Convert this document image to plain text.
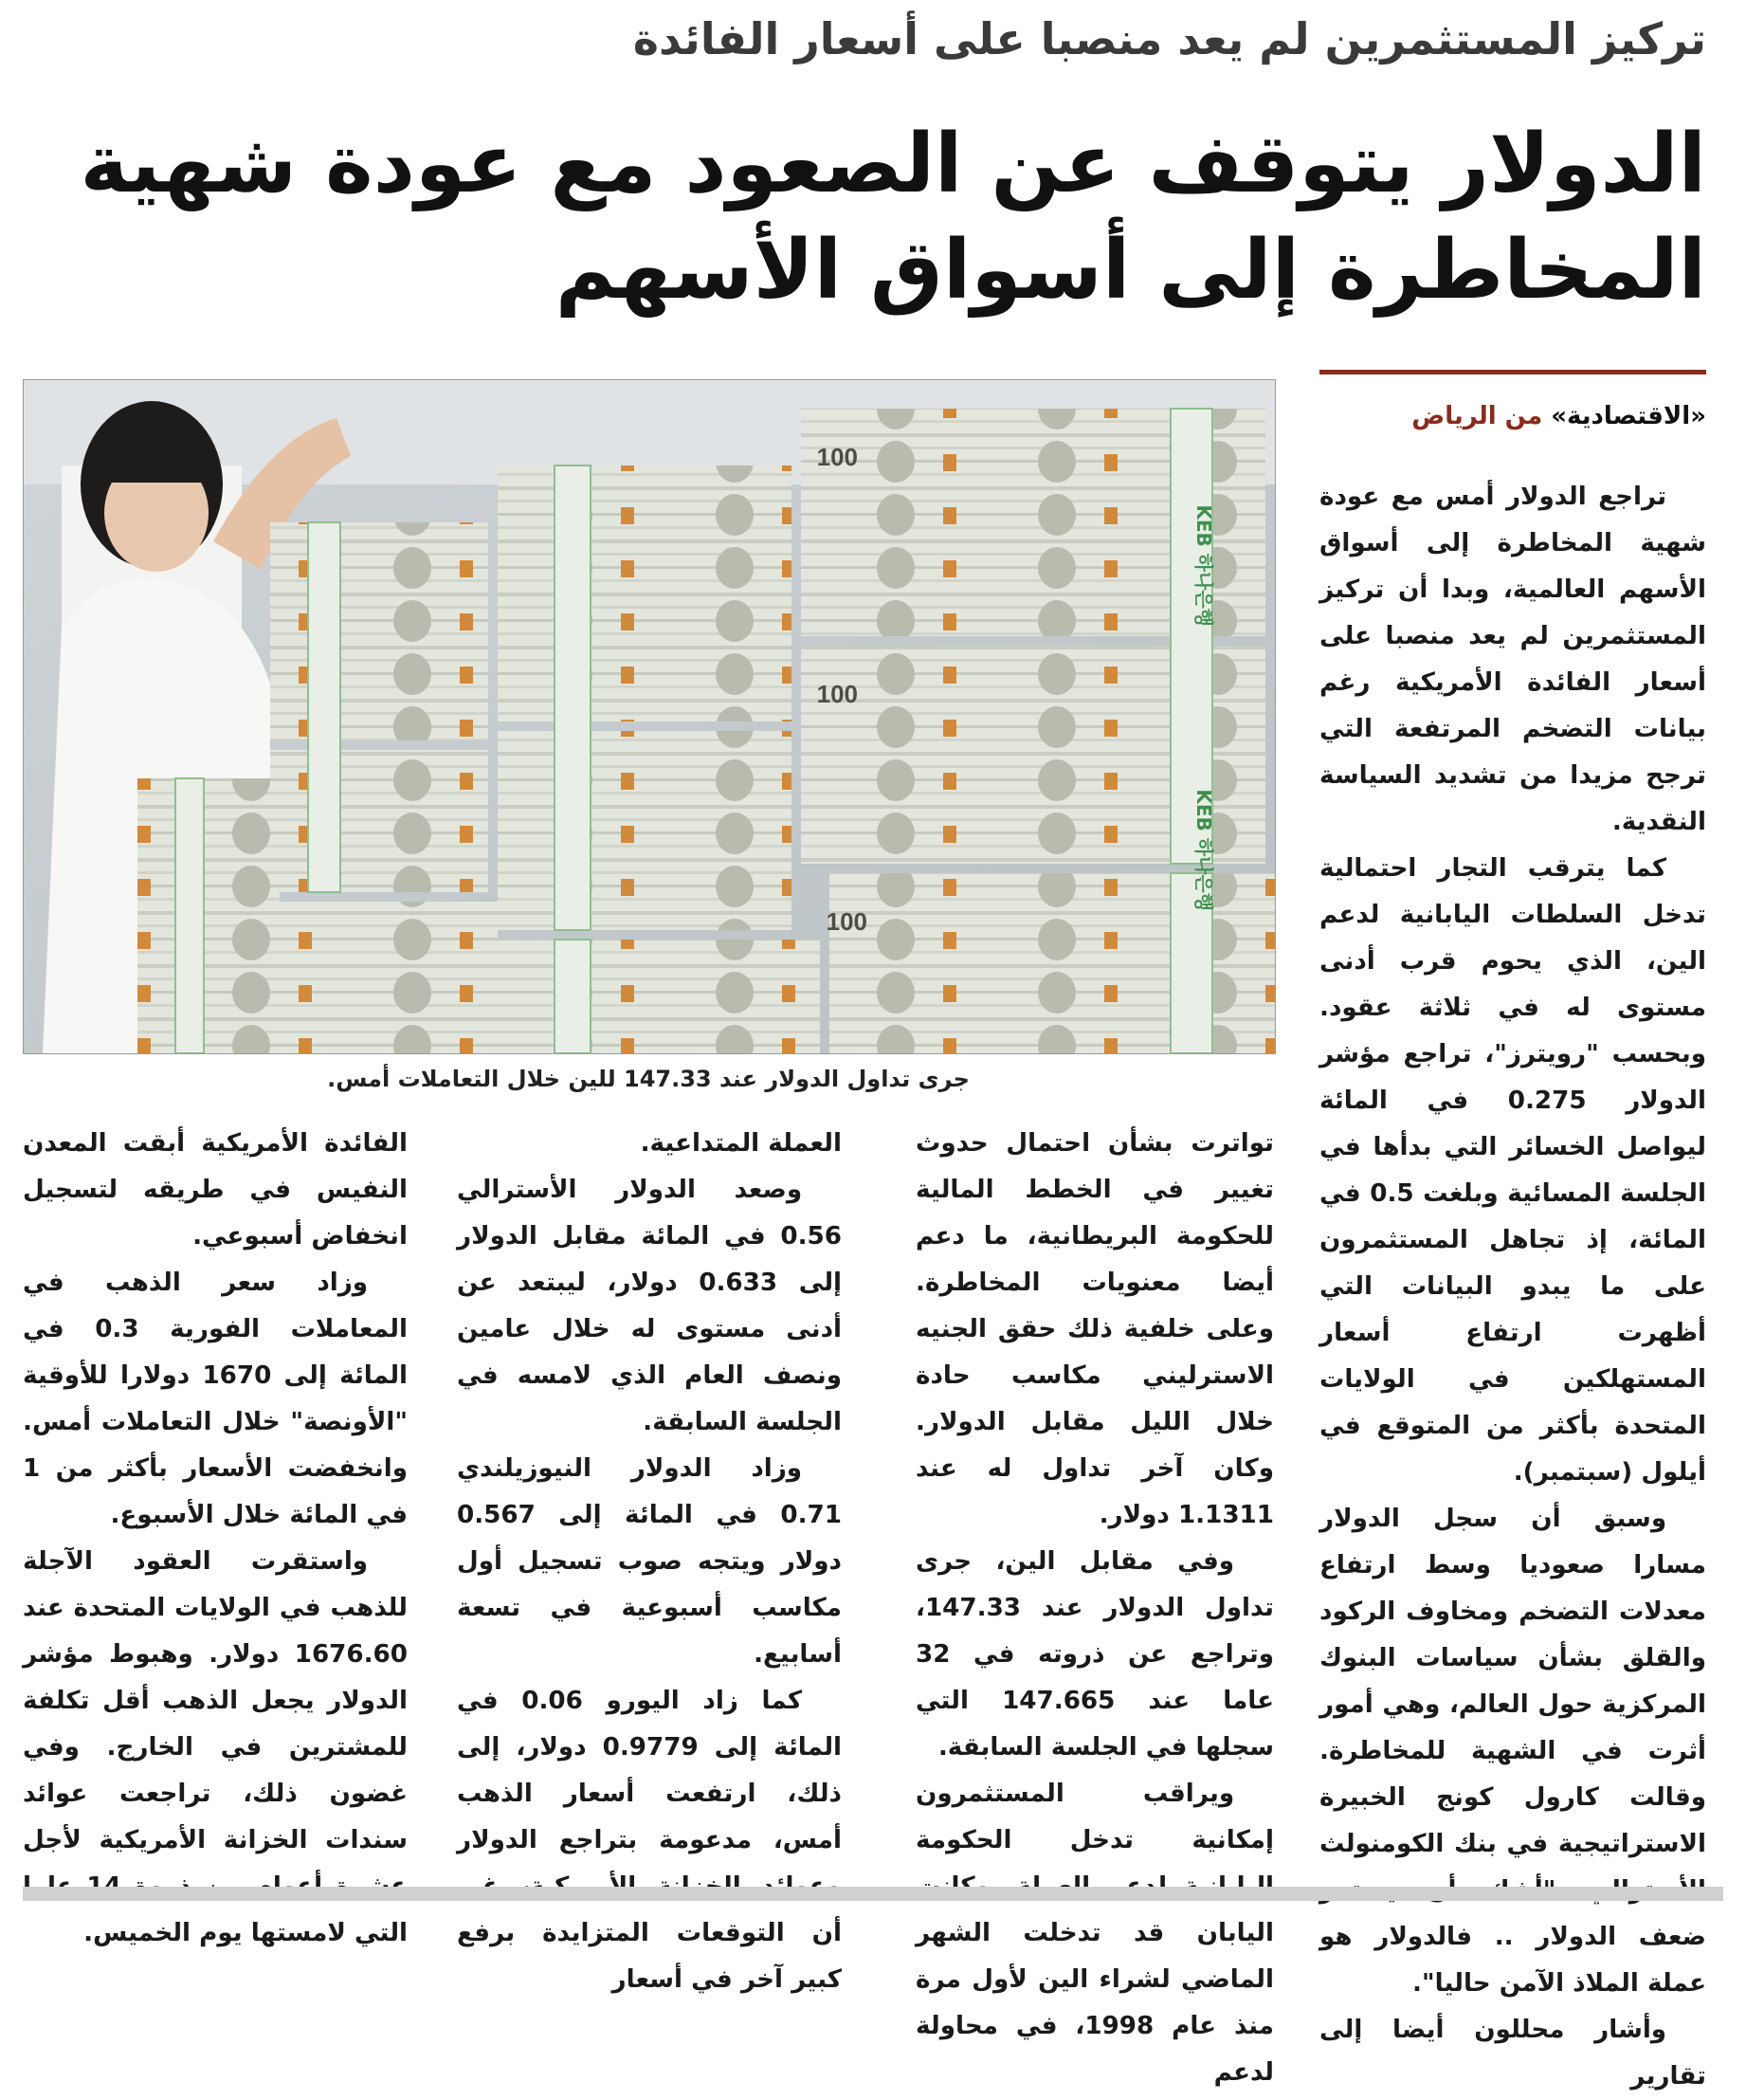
تركيز المستثمرين لم يعد منصبا على أسعار الفائدة
الدولار يتوقف عن الصعود مع عودة شهية
المخاطرة إلى أسواق الأسهم
«الاقتصادية» من الرياض

تراجع الدولار أمس مع عودة شهية المخاطرة إلى أسواق الأسهم العالمية، وبدا أن تركيز المستثمرين لم يعد منصبا على أسعار الفائدة الأمريكية رغم بيانات التضخم المرتفعة التي ترجح مزيدا من تشديد السياسة النقدية.

كما يترقب التجار احتمالية تدخل السلطات اليابانية لدعم الين، الذي يحوم قرب أدنى مستوى له في ثلاثة عقود. وبحسب "رويترز"، تراجع مؤشر الدولار 0.275 في المائة ليواصل الخسائر التي بدأها في الجلسة المسائية وبلغت 0.5 في المائة، إذ تجاهل المستثمرون على ما يبدو البيانات التي أظهرت ارتفاع أسعار المستهلكين في الولايات المتحدة بأكثر من المتوقع في أيلول (سبتمبر).

وسبق أن سجل الدولار مسارا صعوديا وسط ارتفاع معدلات التضخم ومخاوف الركود والقلق بشأن سياسات البنوك المركزية حول العالم، وهي أمور أثرت في الشهية للمخاطرة. وقالت كارول كونج الخبيرة الاستراتيجية في بنك الكومنولث ضعف الدولار .. فالدولار هو عملة الملاذ الآمن حاليا".

وأشار محللون أيضا إلى تقارير

100
100
100
KEB 하나은행
KEB 하나은행
جرى تداول الدولار عند 147.33 للين خلال التعاملات أمس.

تواترت بشأن احتمال حدوث تغيير في الخطط المالية للحكومة البريطانية، ما دعم أيضا معنويات المخاطرة. وعلى خلفية ذلك حقق الجنيه الاسترليني مكاسب حادة خلال الليل مقابل الدولار. وكان آخر تداول له عند 1.1311 دولار.

وفي مقابل الين، جرى تداول الدولار عند 147.33، وتراجع عن ذروته في 32 عاما عند 147.665 التي سجلها في الجلسة السابقة.

ويراقب المستثمرون إمكانية تدخل الحكومة اليابان قد تدخلت الشهر الماضي لشراء الين لأول مرة منذ عام 1998، في محاولة لدعم

العملة المتداعية.

وصعد الدولار الأسترالي 0.56 في المائة مقابل الدولار إلى 0.633 دولار، ليبتعد عن أدنى مستوى له خلال عامين ونصف العام الذي لامسه في الجلسة السابقة.

وزاد الدولار النيوزيلندي 0.71 في المائة إلى 0.567 دولار ويتجه صوب تسجيل أول مكاسب أسبوعية في تسعة أسابيع.

كما زاد اليورو 0.06 في المائة إلى 0.9779 دولار، إلى ذلك، ارتفعت أسعار الذهب أمس، مدعومة بتراجع الدولار أن التوقعات المتزايدة برفع كبير آخر في أسعار

الفائدة الأمريكية أبقت المعدن النفيس في طريقه لتسجيل انخفاض أسبوعي.

وزاد سعر الذهب في المعاملات الفورية 0.3 في المائة إلى 1670 دولارا للأوقية "الأونصة" خلال التعاملات أمس. وانخفضت الأسعار بأكثر من 1 في المائة خلال الأسبوع.

واستقرت العقود الآجلة للذهب في الولايات المتحدة عند 1676.60 دولار. وهبوط مؤشر الدولار يجعل الذهب أقل تكلفة للمشترين في الخارج. وفي غضون ذلك، تراجعت عوائد سندات الخزانة الأمريكية لأجل التي لامستها يوم الخميس.
